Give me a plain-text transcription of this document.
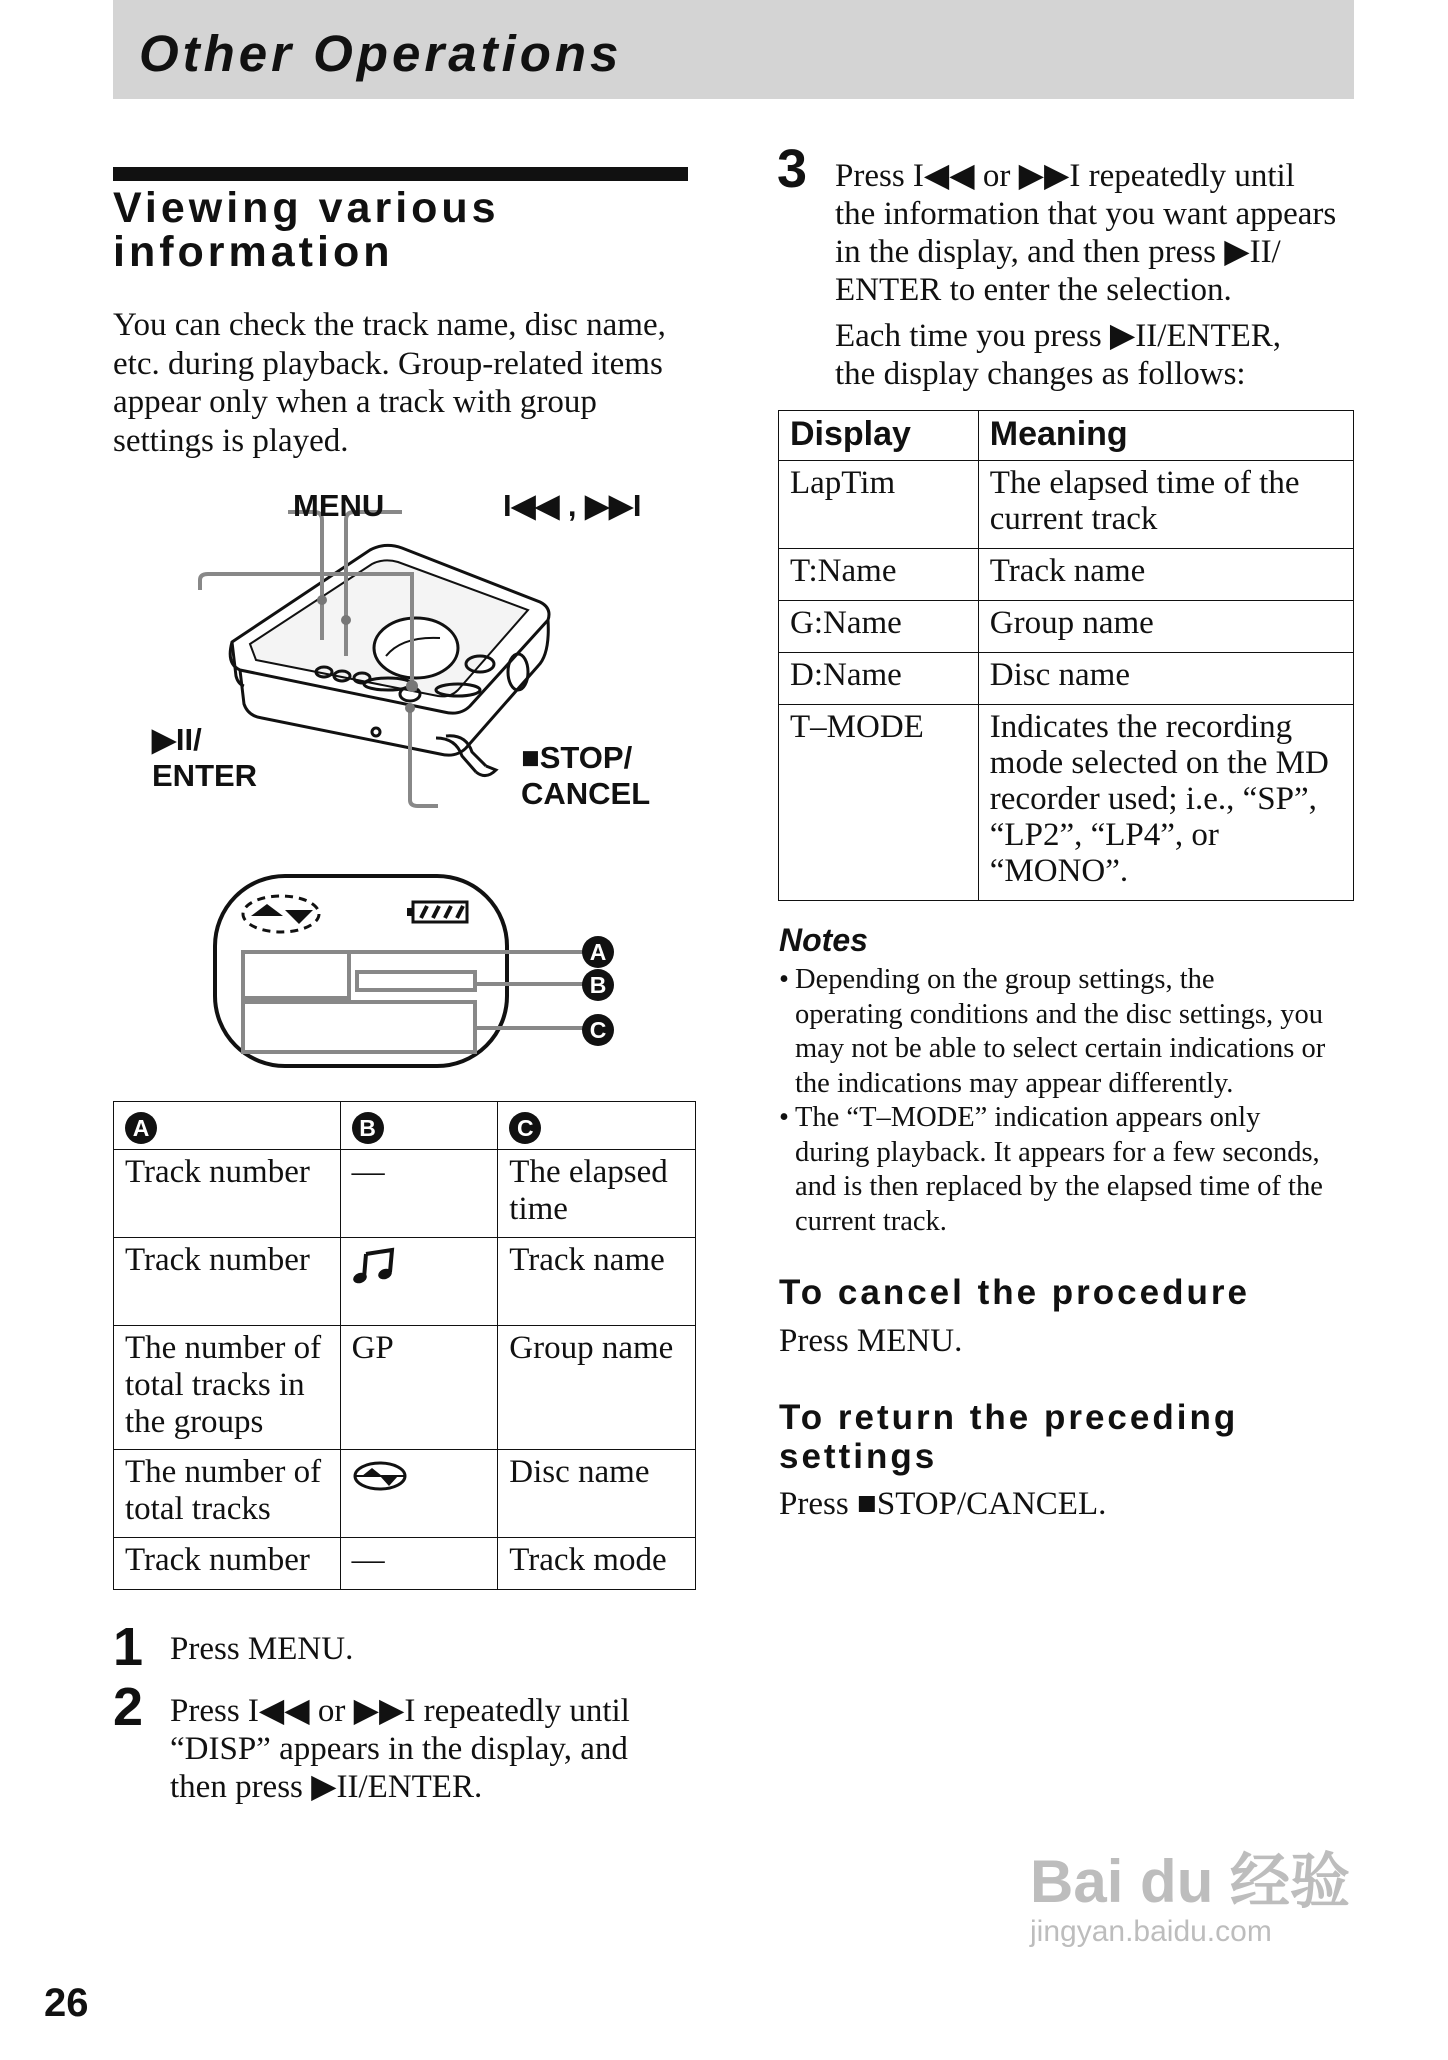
Other Operations
Viewing various
information
You can check the track name, disc name,
etc. during playback. Group-related items
appear only when a track with group
settings is played.
MENU	I◀◀ , ▶▶I
▶II/
ENTER
■STOP/
CANCEL
A
B
C
A	B	C

Track number	—	The elapsed
time

Track number		Track name

The number of
total tracks in
the groups	GP	Group name

The number of
total tracks		Disc name

Track number	—	Track mode
1 Press MENU.
2 Press I◀◀ or ▶▶I repeatedly until
“DISP” appears in the display, and
then press ▶II/ENTER.
3 Press I◀◀ or ▶▶I repeatedly until
the information that you want appears
in the display, and then press ▶II/
ENTER to enter the selection.
Each time you press ▶II/ENTER,
the display changes as follows:
Display	Meaning
LapTim	The elapsed time of the
current track

T:Name	Track name

G:Name	Group name

D:Name	Disc name

T–MODE	Indicates the recording
mode selected on the MD
recorder used; i.e., “SP”,
“LP2”, “LP4”, or
“MONO”.
Notes
• Depending on the group settings, the
operating conditions and the disc settings, you
may not be able to select certain indications or
the indications may appear differently.
• The “T–MODE” indication appears only
during playback. It appears for a few seconds,
and is then replaced by the elapsed time of the
current track.
To cancel the procedure
Press MENU.
To return the preceding
settings
Press ■STOP/CANCEL.
26
Bai du 经验
jingyan.baidu.com
